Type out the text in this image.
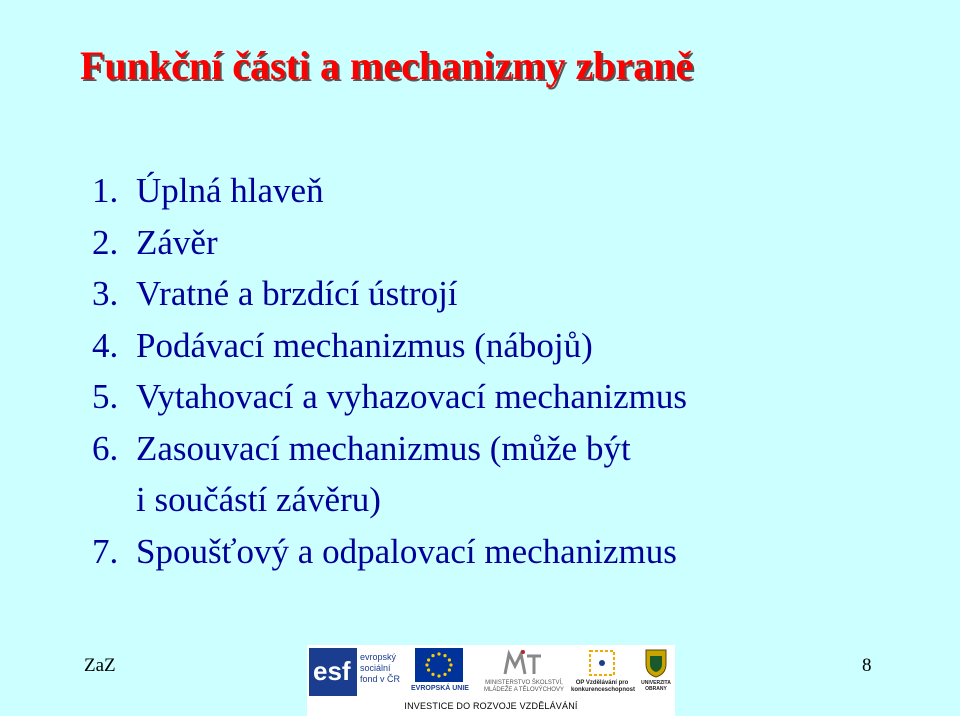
Funkční části a mechanizmy zbraně
1. Úplná hlaveň
2. Závěr
3. Vratné a brzdící ústrojí
4. Podávací mechanizmus (nábojů)
5. Vytahovací a vyhazovací mechanizmus
6. Zasouvací mechanizmus (může být
i součástí závěru)
7. Spoušťový a odpalovací mechanizmus
ZaZ	8
esf evropský sociální fond v ČR
EVROPSKÁ UNIE
MINISTERSTVO ŠKOLSTVÍ, MLÁDEŽE A TĚLOVÝCHOVY
OP Vzdělávání pro konkurenceschopnost
UNIVERZITA OBRANY
INVESTICE DO ROZVOJE VZDĚLÁVÁNÍ
